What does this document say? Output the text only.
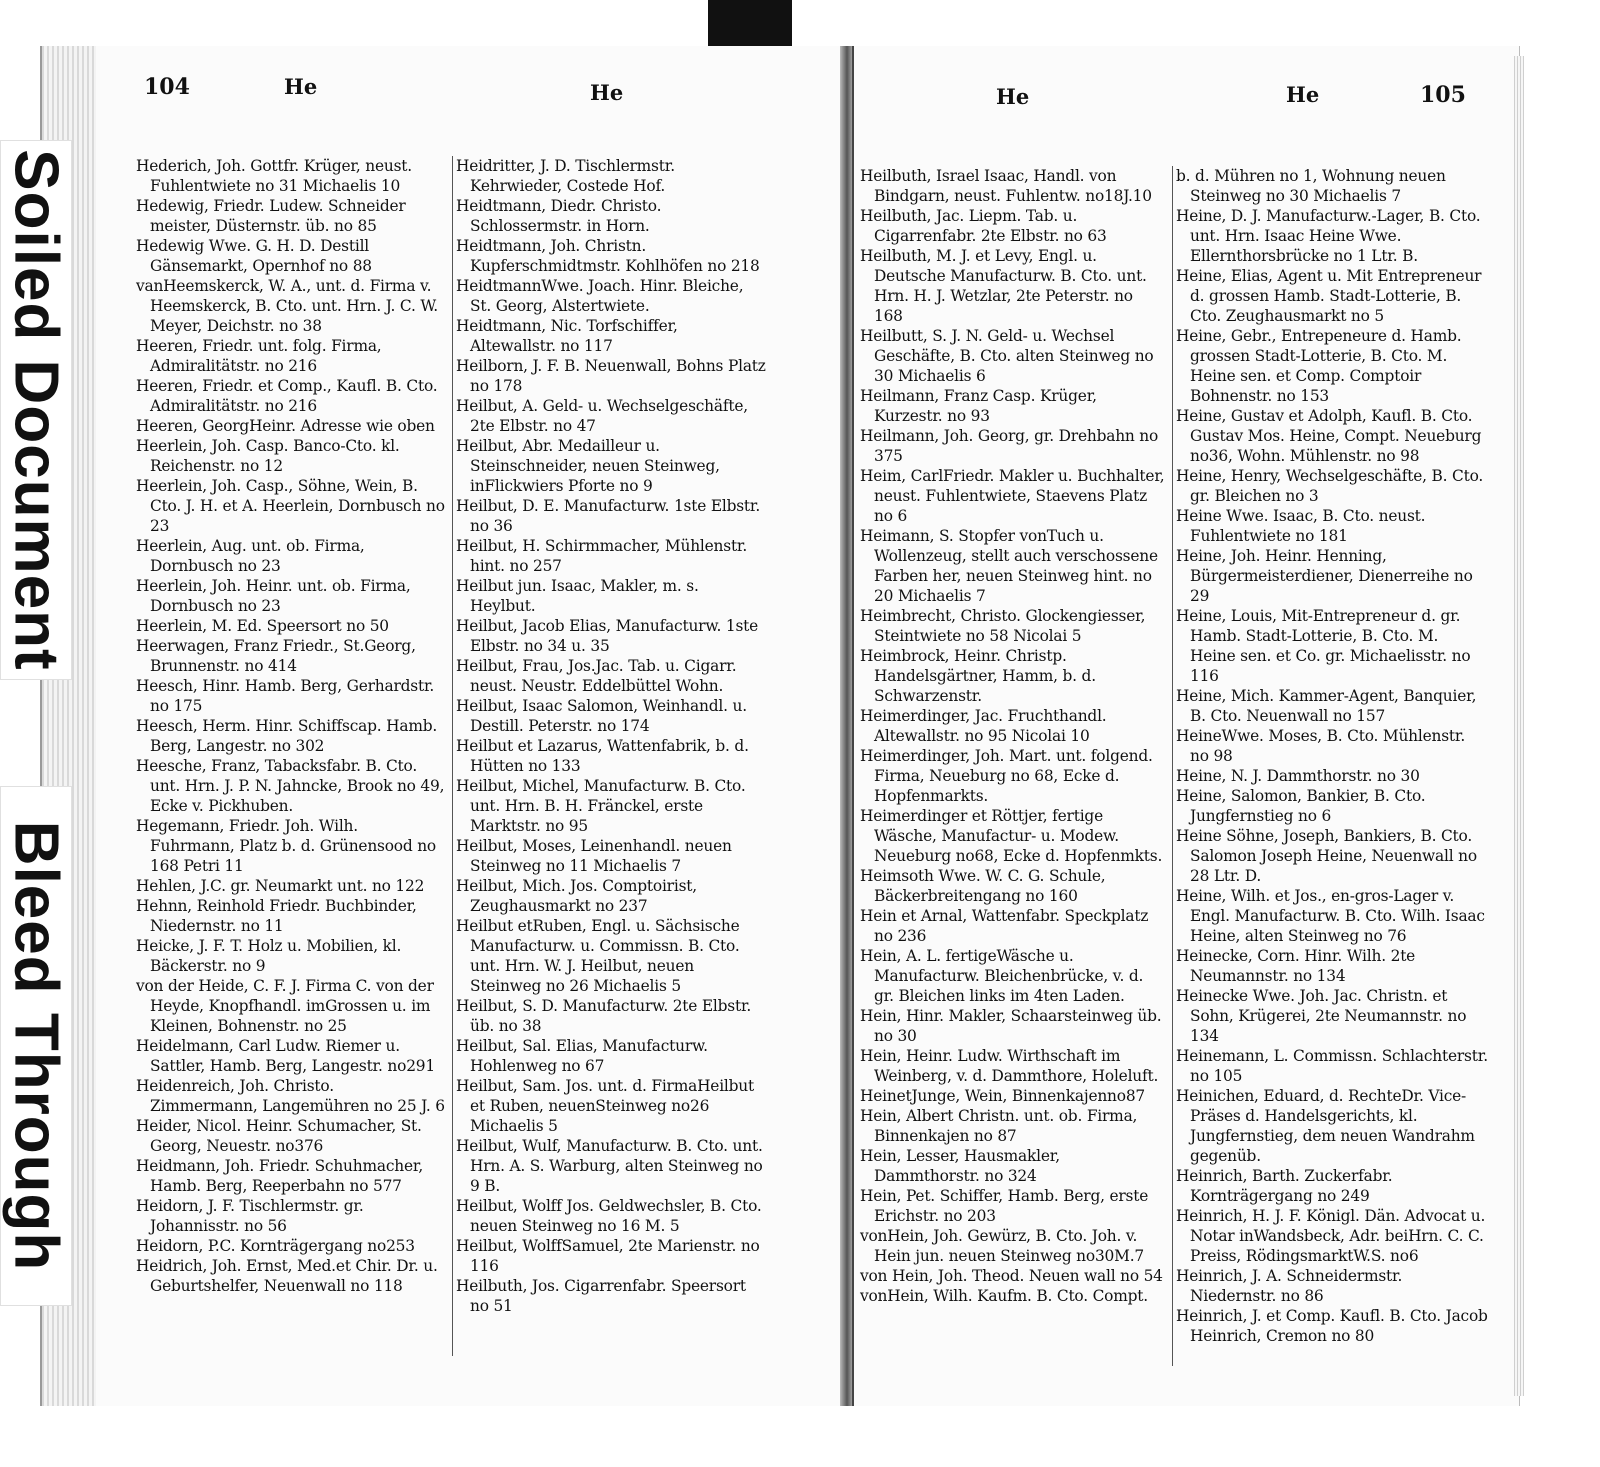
104	He	He
Hederich, Joh. Gottfr. Krüger, neust. Fuhlentwiete no 31 Michaelis 10
Hedewig, Friedr. Ludew. Schneider meister, Düsternstr. üb. no 85
Hedewig Wwe. G. H. D. Destill Gänsemarkt, Opernhof no 88
vanHeemskerck, W. A., unt. d. Firma v. Heemskerck, B. Cto. unt. Hrn. J. C. W. Meyer, Deichstr. no 38
Heeren, Friedr. unt. folg. Firma, Admiralitätstr. no 216
Heeren, Friedr. et Comp., Kaufl. B. Cto. Admiralitätstr. no 216
Heeren, GeorgHeinr. Adresse wie oben
Heerlein, Joh. Casp. Banco-Cto. kl. Reichenstr. no 12
Heerlein, Joh. Casp., Söhne, Wein, B. Cto. J. H. et A. Heerlein, Dornbusch no 23
Heerlein, Aug. unt. ob. Firma, Dornbusch no 23
Heerlein, Joh. Heinr. unt. ob. Firma, Dornbusch no 23
Heerlein, M. Ed. Speersort no 50
Heerwagen, Franz Friedr., St.Georg, Brunnenstr. no 414
Heesch, Hinr. Hamb. Berg, Gerhardstr. no 175
Heesch, Herm. Hinr. Schiffscap. Hamb. Berg, Langestr. no 302
Heesche, Franz, Tabacksfabr. B. Cto. unt. Hrn. J. P. N. Jahncke, Brook no 49, Ecke v. Pickhuben.
Hegemann, Friedr. Joh. Wilh. Fuhrmann, Platz b. d. Grünensood no 168 Petri 11
Hehlen, J.C. gr. Neumarkt unt. no 122
Hehnn, Reinhold Friedr. Buchbinder, Niedernstr. no 11
Heicke, J. F. T. Holz u. Mobilien, kl. Bäckerstr. no 9
von der Heide, C. F. J. Firma C. von der Heyde, Knopfhandl. imGrossen u. im Kleinen, Bohnenstr. no 25
Heidelmann, Carl Ludw. Riemer u. Sattler, Hamb. Berg, Langestr. no291
Heidenreich, Joh. Christo. Zimmermann, Langemühren no 25 J. 6
Heider, Nicol. Heinr. Schumacher, St. Georg, Neuestr. no376
Heidmann, Joh. Friedr. Schuhmacher, Hamb. Berg, Reeperbahn no 577
Heidorn, J. F. Tischlermstr. gr. Johannisstr. no 56
Heidorn, P.C. Kornträgergang no253
Heidrich, Joh. Ernst, Med.et Chir. Dr. u. Geburtshelfer, Neuenwall no 118
Heidritter, J. D. Tischlermstr. Kehrwieder, Costede Hof.
Heidtmann, Diedr. Christo. Schlossermstr. in Horn.
Heidtmann, Joh. Christn. Kupferschmidtmstr. Kohlhöfen no 218
HeidtmannWwe. Joach. Hinr. Bleiche, St. Georg, Alstertwiete.
Heidtmann, Nic. Torfschiffer, Altewallstr. no 117
Heilborn, J. F. B. Neuenwall, Bohns Platz no 178
Heilbut, A. Geld- u. Wechselgeschäfte, 2te Elbstr. no 47
Heilbut, Abr. Medailleur u. Steinschneider, neuen Steinweg, inFlickwiers Pforte no 9
Heilbut, D. E. Manufacturw. 1ste Elbstr. no 36
Heilbut, H. Schirmmacher, Mühlenstr. hint. no 257
Heilbut jun. Isaac, Makler, m. s. Heylbut.
Heilbut, Jacob Elias, Manufacturw. 1ste Elbstr. no 34 u. 35
Heilbut, Frau, Jos.Jac. Tab. u. Cigarr. neust. Neustr. Eddelbüttel Wohn.
Heilbut, Isaac Salomon, Weinhandl. u. Destill. Peterstr. no 174
Heilbut et Lazarus, Wattenfabrik, b. d. Hütten no 133
Heilbut, Michel, Manufacturw. B. Cto. unt. Hrn. B. H. Fränckel, erste Marktstr. no 95
Heilbut, Moses, Leinenhandl. neuen Steinweg no 11 Michaelis 7
Heilbut, Mich. Jos. Comptoirist, Zeughausmarkt no 237
Heilbut etRuben, Engl. u. Sächsische Manufacturw. u. Commissn. B. Cto. unt. Hrn. W. J. Heilbut, neuen Steinweg no 26 Michaelis 5
Heilbut, S. D. Manufacturw. 2te Elbstr. üb. no 38
Heilbut, Sal. Elias, Manufacturw. Hohlenweg no 67
Heilbut, Sam. Jos. unt. d. FirmaHeilbut et Ruben, neuenSteinweg no26 Michaelis 5
Heilbut, Wulf, Manufacturw. B. Cto. unt. Hrn. A. S. Warburg, alten Steinweg no 9 B.
Heilbut, Wolff Jos. Geldwechsler, B. Cto. neuen Steinweg no 16 M. 5
Heilbut, WolffSamuel, 2te Marienstr. no 116
Heilbuth, Jos. Cigarrenfabr. Speersort no 51
He	He	105
Heilbuth, Israel Isaac, Handl. von Bindgarn, neust. Fuhlentw. no18J.10
Heilbuth, Jac. Liepm. Tab. u. Cigarrenfabr. 2te Elbstr. no 63
Heilbuth, M. J. et Levy, Engl. u. Deutsche Manufacturw. B. Cto. unt. Hrn. H. J. Wetzlar, 2te Peterstr. no 168
Heilbutt, S. J. N. Geld- u. Wechsel Geschäfte, B. Cto. alten Steinweg no 30 Michaelis 6
Heilmann, Franz Casp. Krüger, Kurzestr. no 93
Heilmann, Joh. Georg, gr. Drehbahn no 375
Heim, CarlFriedr. Makler u. Buchhalter, neust. Fuhlentwiete, Staevens Platz no 6
Heimann, S. Stopfer vonTuch u. Wollenzeug, stellt auch verschossene Farben her, neuen Steinweg hint. no 20 Michaelis 7
Heimbrecht, Christo. Glockengiesser, Steintwiete no 58 Nicolai 5
Heimbrock, Heinr. Christp. Handelsgärtner, Hamm, b. d. Schwarzenstr.
Heimerdinger, Jac. Fruchthandl. Altewallstr. no 95 Nicolai 10
Heimerdinger, Joh. Mart. unt. folgend. Firma, Neueburg no 68, Ecke d. Hopfenmarkts.
Heimerdinger et Röttjer, fertige Wäsche, Manufactur- u. Modew. Neueburg no68, Ecke d. Hopfenmkts.
Heimsoth Wwe. W. C. G. Schule, Bäckerbreitengang no 160
Hein et Arnal, Wattenfabr. Speckplatz no 236
Hein, A. L. fertigeWäsche u. Manufacturw. Bleichenbrücke, v. d. gr. Bleichen links im 4ten Laden.
Hein, Hinr. Makler, Schaarsteinweg üb. no 30
Hein, Heinr. Ludw. Wirthschaft im Weinberg, v. d. Dammthore, Holeluft.
HeinetJunge, Wein, Binnenkajenno87
Hein, Albert Christn. unt. ob. Firma, Binnenkajen no 87
Hein, Lesser, Hausmakler, Dammthorstr. no 324
Hein, Pet. Schiffer, Hamb. Berg, erste Erichstr. no 203
vonHein, Joh. Gewürz, B. Cto. Joh. v. Hein jun. neuen Steinweg no30M.7
von Hein, Joh. Theod. Neuen wall no 54
vonHein, Wilh. Kaufm. B. Cto. Compt.
b. d. Mühren no 1, Wohnung neuen Steinweg no 30 Michaelis 7
Heine, D. J. Manufacturw.-Lager, B. Cto. unt. Hrn. Isaac Heine Wwe. Ellernthorsbrücke no 1 Ltr. B.
Heine, Elias, Agent u. Mit Entrepreneur d. grossen Hamb. Stadt-Lotterie, B. Cto. Zeughausmarkt no 5
Heine, Gebr., Entrepeneure d. Hamb. grossen Stadt-Lotterie, B. Cto. M. Heine sen. et Comp. Comptoir Bohnenstr. no 153
Heine, Gustav et Adolph, Kaufl. B. Cto. Gustav Mos. Heine, Compt. Neueburg no36, Wohn. Mühlenstr. no 98
Heine, Henry, Wechselgeschäfte, B. Cto. gr. Bleichen no 3
Heine Wwe. Isaac, B. Cto. neust. Fuhlentwiete no 181
Heine, Joh. Heinr. Henning, Bürgermeisterdiener, Dienerreihe no 29
Heine, Louis, Mit-Entrepreneur d. gr. Hamb. Stadt-Lotterie, B. Cto. M. Heine sen. et Co. gr. Michaelisstr. no 116
Heine, Mich. Kammer-Agent, Banquier, B. Cto. Neuenwall no 157
HeineWwe. Moses, B. Cto. Mühlenstr. no 98
Heine, N. J. Dammthorstr. no 30
Heine, Salomon, Bankier, B. Cto. Jungfernstieg no 6
Heine Söhne, Joseph, Bankiers, B. Cto. Salomon Joseph Heine, Neuenwall no 28 Ltr. D.
Heine, Wilh. et Jos., en-gros-Lager v. Engl. Manufacturw. B. Cto. Wilh. Isaac Heine, alten Steinweg no 76
Heinecke, Corn. Hinr. Wilh. 2te Neumannstr. no 134
Heinecke Wwe. Joh. Jac. Christn. et Sohn, Krügerei, 2te Neumannstr. no 134
Heinemann, L. Commissn. Schlachterstr. no 105
Heinichen, Eduard, d. RechteDr. Vice-Präses d. Handelsgerichts, kl. Jungfernstieg, dem neuen Wandrahm gegenüb.
Heinrich, Barth. Zuckerfabr. Kornträgergang no 249
Heinrich, H. J. F. Königl. Dän. Advocat u. Notar inWandsbeck, Adr. beiHrn. C. C. Preiss, RödingsmarktW.S. no6
Heinrich, J. A. Schneidermstr. Niedernstr. no 86
Heinrich, J. et Comp. Kaufl. B. Cto. Jacob Heinrich, Cremon no 80
Soiled Document
Bleed Through
